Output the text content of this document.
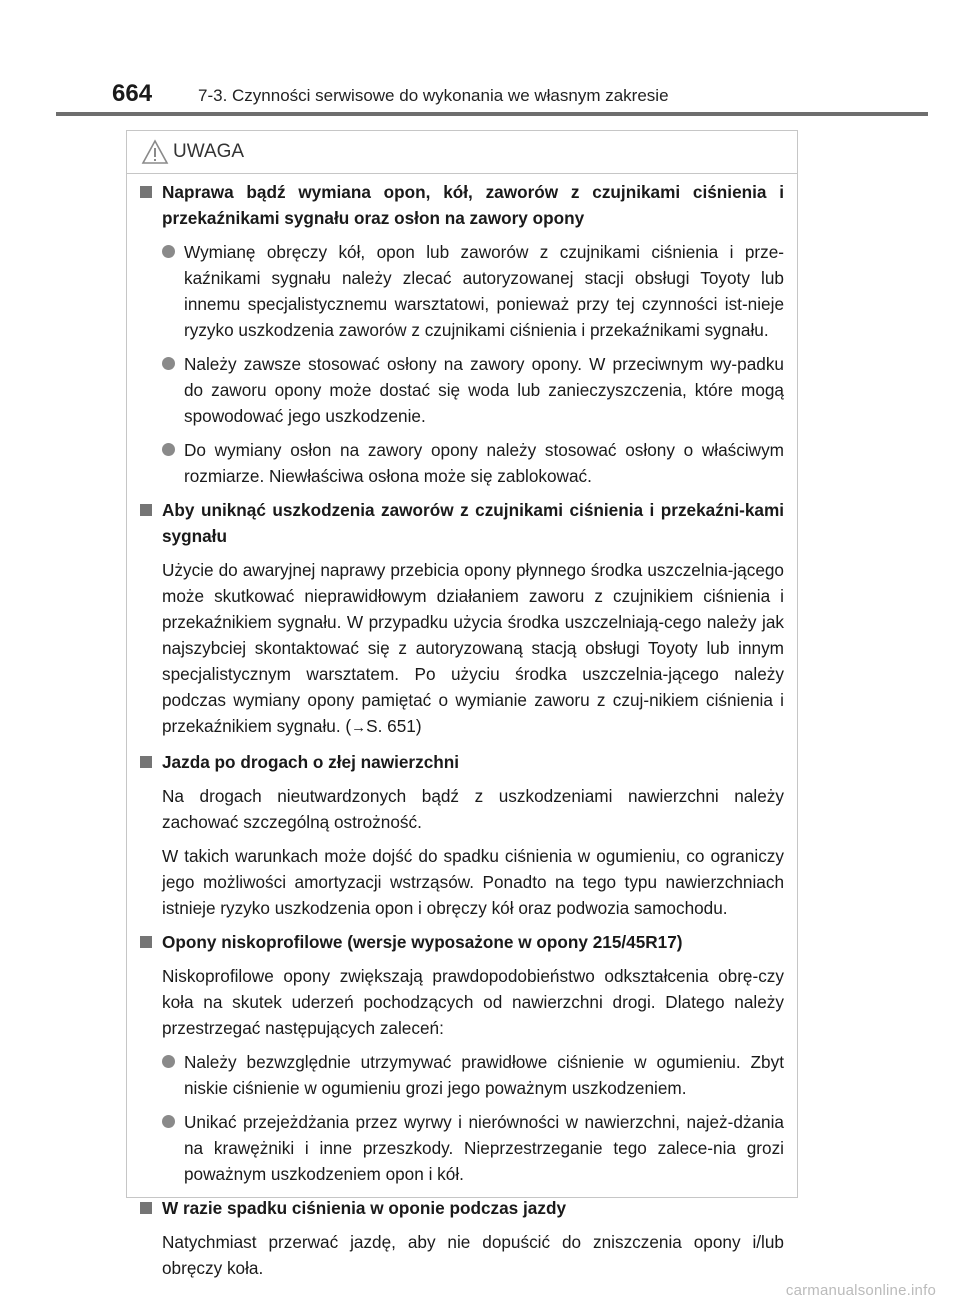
664	7-3. Czynności serwisowe do wykonania we własnym zakresie
UWAGA
Naprawa bądź wymiana opon, kół, zaworów z czujnikami ciśnienia i przekaźnikami sygnału oraz osłon na zawory opony
Wymianę obręczy kół, opon lub zaworów z czujnikami ciśnienia i prze-kaźnikami sygnału należy zlecać autoryzowanej stacji obsługi Toyoty lub innemu specjalistycznemu warsztatowi, ponieważ przy tej czynności ist-nieje ryzyko uszkodzenia zaworów z czujnikami ciśnienia i przekaźnikami sygnału.
Należy zawsze stosować osłony na zawory opony. W przeciwnym wy-padku do zaworu opony może dostać się woda lub zanieczyszczenia, które mogą spowodować jego uszkodzenie.
Do wymiany osłon na zawory opony należy stosować osłony o właściwym rozmiarze. Niewłaściwa osłona może się zablokować.
Aby uniknąć uszkodzenia zaworów z czujnikami ciśnienia i przekaźni-kami sygnału
Użycie do awaryjnej naprawy przebicia opony płynnego środka uszczelnia-jącego może skutkować nieprawidłowym działaniem zaworu z czujnikiem ciśnienia i przekaźnikiem sygnału. W przypadku użycia środka uszczelniają-cego należy jak najszybciej skontaktować się z autoryzowaną stacją obsługi Toyoty lub innym specjalistycznym warsztatem. Po użyciu środka uszczelnia-jącego należy podczas wymiany opony pamiętać o wymianie zaworu z czuj-nikiem ciśnienia i przekaźnikiem sygnału. (→S. 651)
Jazda po drogach o złej nawierzchni
Na drogach nieutwardzonych bądź z uszkodzeniami nawierzchni należy zachować szczególną ostrożność.
W takich warunkach może dojść do spadku ciśnienia w ogumieniu, co ograniczy jego możliwości amortyzacji wstrząsów. Ponadto na tego typu nawierzchniach istnieje ryzyko uszkodzenia opon i obręczy kół oraz podwozia samochodu.
Opony niskoprofilowe (wersje wyposażone w opony 215/45R17)
Niskoprofilowe opony zwiększają prawdopodobieństwo odkształcenia obrę-czy koła na skutek uderzeń pochodzących od nawierzchni drogi. Dlatego należy przestrzegać następujących zaleceń:
Należy bezwzględnie utrzymywać prawidłowe ciśnienie w ogumieniu. Zbyt niskie ciśnienie w ogumieniu grozi jego poważnym uszkodzeniem.
Unikać przejeżdżania przez wyrwy i nierówności w nawierzchni, najeż-dżania na krawężniki i inne przeszkody. Nieprzestrzeganie tego zalece-nia grozi poważnym uszkodzeniem opon i kół.
W razie spadku ciśnienia w oponie podczas jazdy
Natychmiast przerwać jazdę, aby nie dopuścić do zniszczenia opony i/lub obręczy koła.
carmanualsonline.info
